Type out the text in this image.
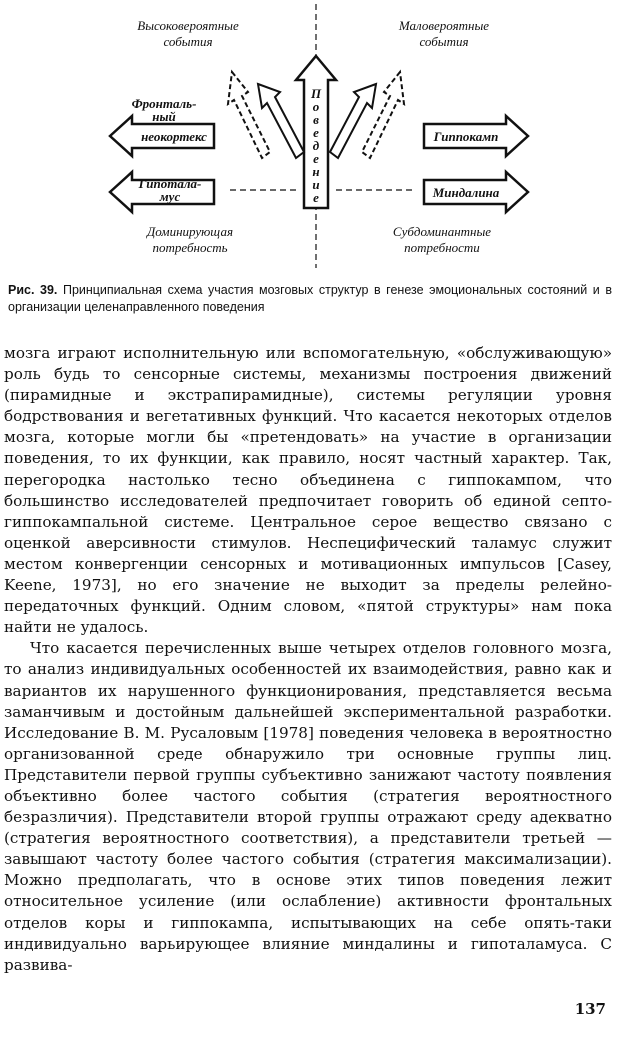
П
о
в
е
д
е
н
и
е
Высоковероятные
события
Маловероятные
события
Фронталь-
ный
неокортекс
Гипотала-
мус
Гиппокамп
Миндалина
Доминирующая
потребность
Субдоминантные
потребности
Рис. 39. Принципиальная схема участия мозговых структур в генезе эмоциональных состояний и в организации целенаправленного поведения

мозга играют исполнительную или вспомогательную, «обслуживающую» роль будь то сенсорные системы, механизмы построения движений (пирамидные и экстрапирамидные), системы регуляции уровня бодрствования и вегетативных функций. Что касается некоторых отделов мозга, которые могли бы «претендовать» на участие в организации поведения, то их функции, как правило, носят частный характер. Так, перегородка настолько тесно объединена с гиппокампом, что большинство исследователей предпочитает говорить об единой септо-гиппокампальной системе. Центральное серое вещество связано с оценкой аверсивности стимулов. Неспецифический таламус служит местом конвергенции сенсорных и мотивационных импульсов [Casey, Keene, 1973], но его значение не выходит за пределы релейно-передаточных функций. Одним словом, «пятой структуры» нам пока найти не удалось.

Что касается перечисленных выше четырех отделов головного мозга, то анализ индивидуальных особенностей их взаимодействия, равно как и вариантов их нарушенного функционирования, представляется весьма заманчивым и достойным дальнейшей экспериментальной разработки. Исследование В. М. Русаловым [1978] поведения человека в вероятностно организованной среде обнаружило три основные группы лиц. Представители первой группы субъективно занижают частоту появления объективно более частого события (стратегия вероятностного безразличия). Представители второй группы отражают среду адекватно (стратегия вероятностного соответствия), а представители третьей — завышают частоту более частого события (стратегия максимализации). Можно предполагать, что в основе этих типов поведения лежит относительное усиление (или ослабление) активности фронтальных отделов коры и гиппокампа, испытывающих на себе опять-таки индивидуально варьирующее влияние миндалины и гипоталамуса. С развива-

137
